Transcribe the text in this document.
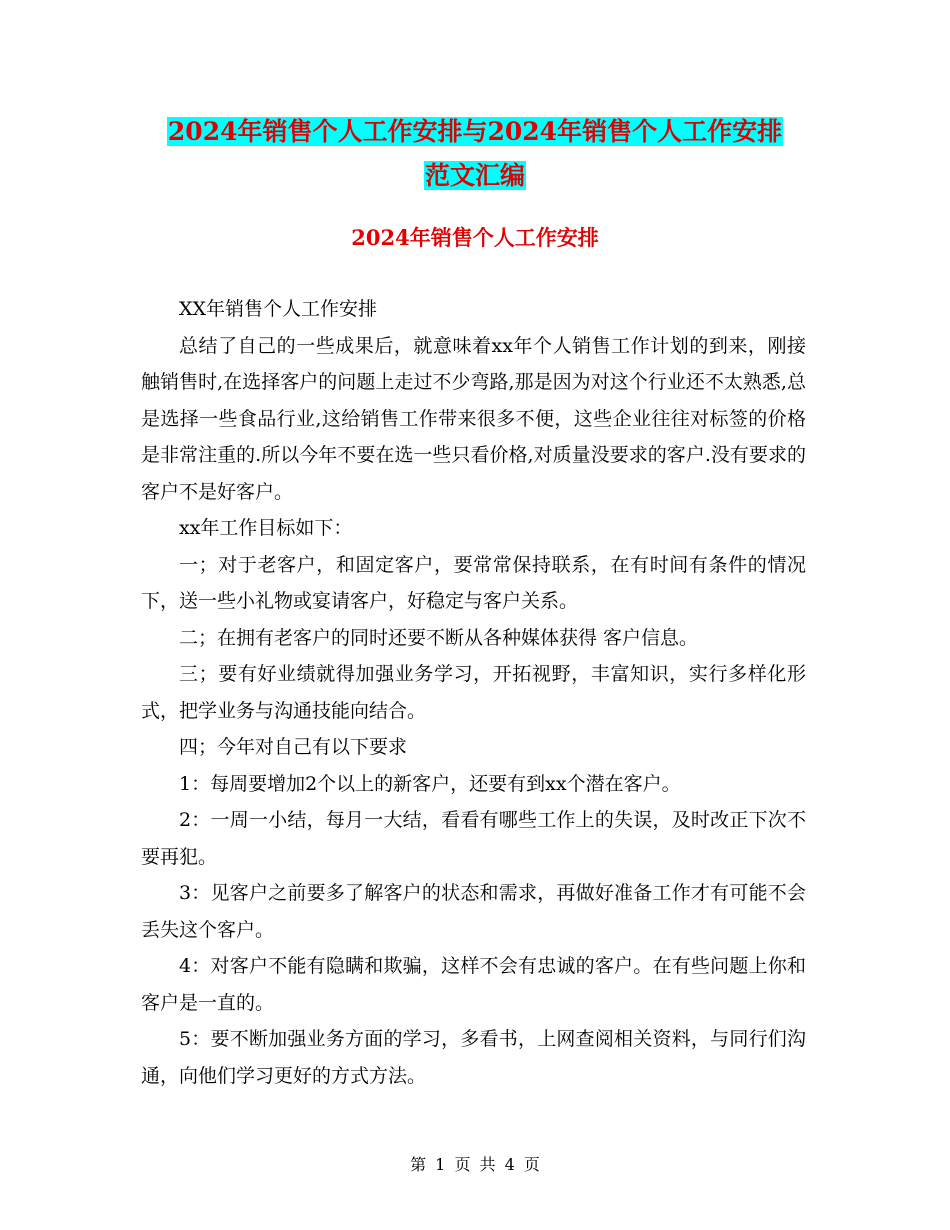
2024年销售个人工作安排与2024年销售个人工作安排
范文汇编
2024年销售个人工作安排

XX年销售个人工作安排

总结了自己的一些成果后，就意味着xx年个人销售工作计划的到来，刚接触销售时,在选择客户的问题上走过不少弯路,那是因为对这个行业还不太熟悉,总是选择一些食品行业,这给销售工作带来很多不便，这些企业往往对标签的价格是非常注重的.所以今年不要在选一些只看价格,对质量没要求的客户.没有要求的客户不是好客户。

xx年工作目标如下：

一；对于老客户，和固定客户，要常常保持联系，在有时间有条件的情况下，送一些小礼物或宴请客户，好稳定与客户关系。

二；在拥有老客户的同时还要不断从各种媒体获得 客户信息。

三；要有好业绩就得加强业务学习，开拓视野，丰富知识，实行多样化形式，把学业务与沟通技能向结合。

四；今年对自己有以下要求

1：每周要增加2个以上的新客户，还要有到xx个潜在客户。

2：一周一小结，每月一大结，看看有哪些工作上的失误，及时改正下次不要再犯。

3：见客户之前要多了解客户的状态和需求，再做好准备工作才有可能不会丢失这个客户。

4：对客户不能有隐瞒和欺骗，这样不会有忠诚的客户。在有些问题上你和客户是一直的。

5：要不断加强业务方面的学习，多看书，上网查阅相关资料，与同行们沟通，向他们学习更好的方式方法。

第 1 页 共 4 页
